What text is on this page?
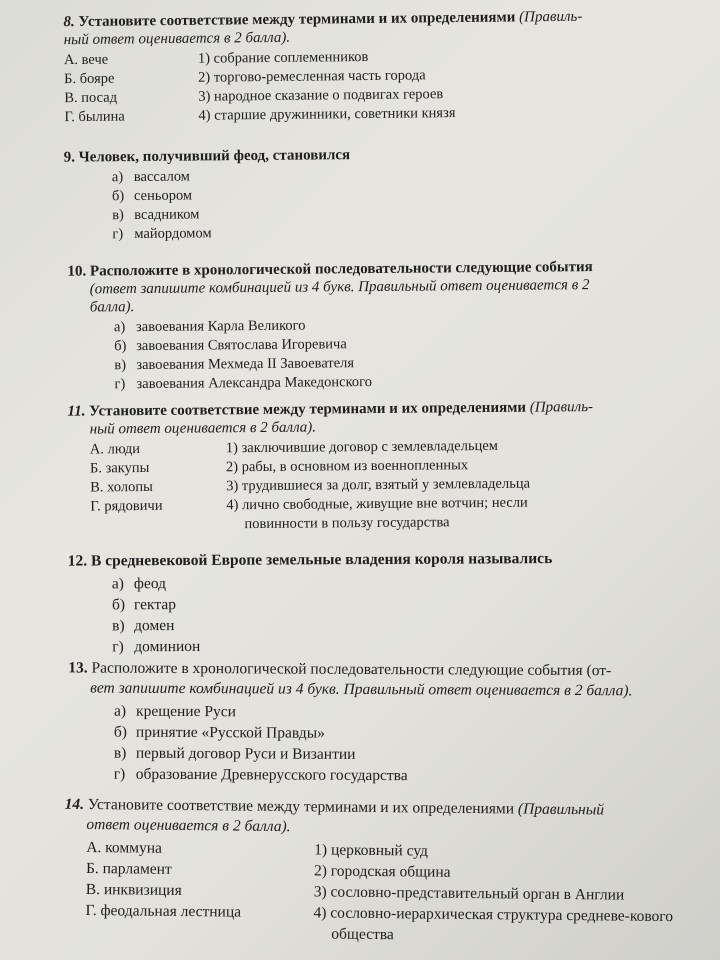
8. Установите соответствие между терминами и их определениями (Правиль-
ный ответ оценивается в 2 балла).
А. вече
Б. бояре
В. посад
Г. былина
1) собрание соплеменников
2) торгово-ремесленная часть города
3) народное сказание о подвигах героев
4) старшие дружинники, советники князя
9. Человек, получивший феод, становился
а) вассалом
б) сеньором
в) всадником
г) майордомом
10. Расположите в хронологической последовательности следующие события
(ответ запишите комбинацией из 4 букв. Правильный ответ оценивается в 2
балла).
а) завоевания Карла Великого
б) завоевания Святослава Игоревича
в) завоевания Мехмеда II Завоевателя
г) завоевания Александра Македонского
11. Установите соответствие между терминами и их определениями (Правиль-
ный ответ оценивается в 2 балла).
А. люди
Б. закупы
В. холопы
Г. рядовичи
1) заключившие договор с землевладельцем
2) рабы, в основном из военнопленных
3) трудившиеся за долг, взятый у землевладельца
4) лично свободные, живущие вне вотчин; несли повинности в пользу государства
12. В средневековой Европе земельные владения короля назывались
а) феод
б) гектар
в) домен
г) доминион
13. Расположите в хронологической последовательности следующие события (от-
вет запишите комбинацией из 4 букв. Правильный ответ оценивается в 2 балла).
а) крещение Руси
б) принятие «Русской Правды»
в) первый договор Руси и Византии
г) образование Древнерусского государства
14. Установите соответствие между терминами и их определениями (Правильный
ответ оценивается в 2 балла).
А. коммуна
Б. парламент
В. инквизиция
Г. феодальная лестница
1) церковный суд
2) городская община
3) сословно-представительный орган в Англии
4) сословно-иерархическая структура средневе-кового общества
